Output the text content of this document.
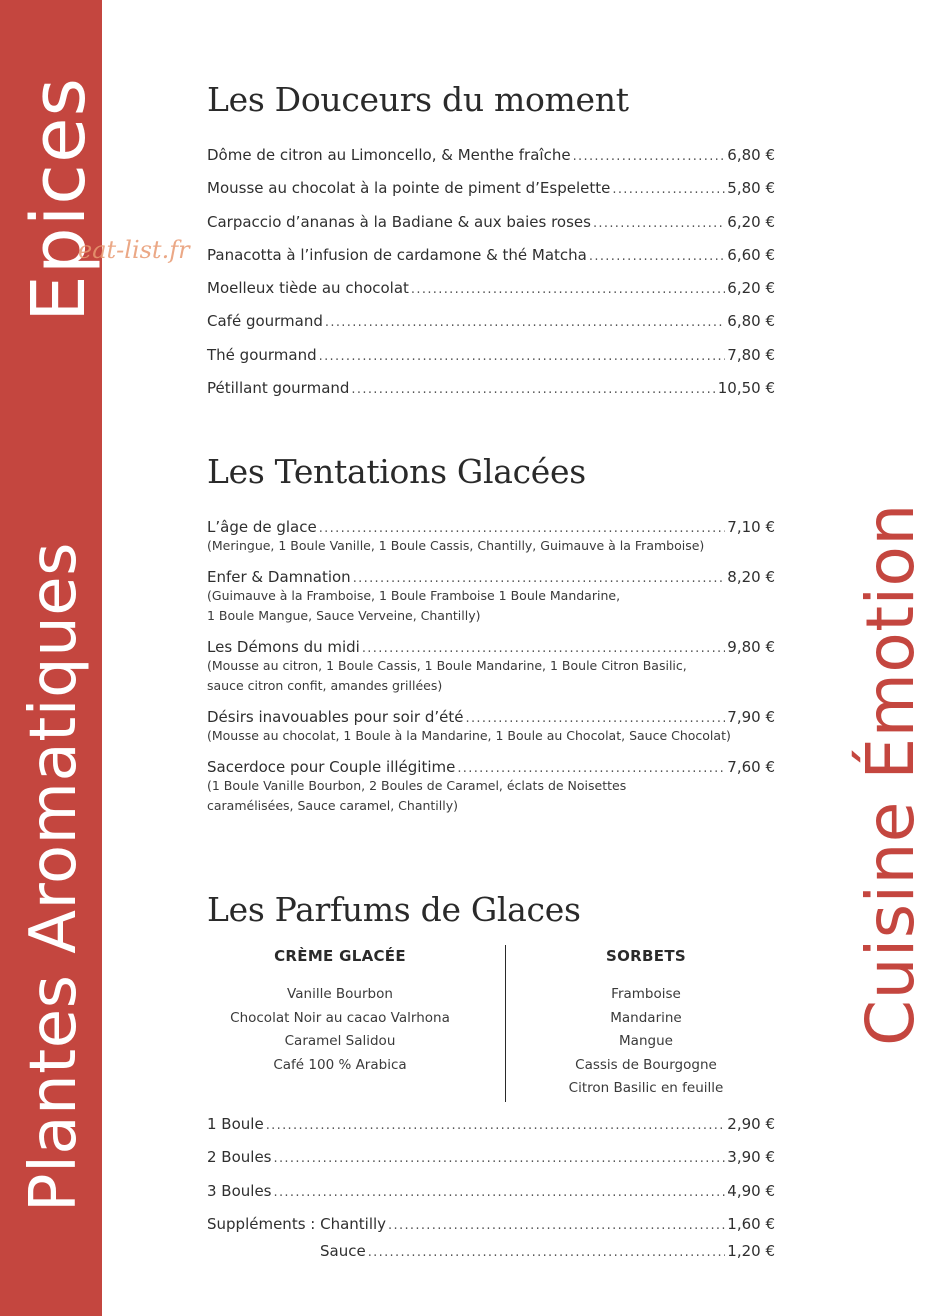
Epices
Plantes Aromatiques	Cuisine Émotion
eat-list.fr
Les Douceurs du moment
Dôme de citron au Limoncello, & Menthe fraîche . . .	6,80 €
Mousse au chocolat à la pointe de piment d’Espelette . . .	5,80 €
Carpaccio d’ananas à la Badiane & aux baies roses . . .	6,20 €
Panacotta à l’infusion de cardamone & thé Matcha . . .	6,60 €
Moelleux tiède au chocolat . . .	6,20 €
Café gourmand . . .	6,80 €
Thé gourmand . . .	7,80 €
Pétillant gourmand . . .	10,50 €
Les Tentations Glacées
L’âge de glace . . .	7,10 €
(Meringue, 1 Boule Vanille, 1 Boule Cassis, Chantilly, Guimauve à la Framboise)
Enfer & Damnation . . .	8,20 €
(Guimauve à la Framboise, 1 Boule Framboise 1 Boule Mandarine,
1 Boule Mangue, Sauce Verveine, Chantilly)
Les Démons du midi . . .	9,80 €
(Mousse au citron, 1 Boule Cassis, 1 Boule Mandarine, 1 Boule Citron Basilic,
sauce citron confit, amandes grillées)
Désirs inavouables pour soir d’été . . .	7,90 €
(Mousse au chocolat, 1 Boule à la Mandarine, 1 Boule au Chocolat, Sauce Chocolat)
Sacerdoce pour Couple illégitime . . .	7,60 €
(1 Boule Vanille Bourbon, 2 Boules de Caramel, éclats de Noisettes
caramélisées, Sauce caramel, Chantilly)
Les Parfums de Glaces
CRÈME GLACÉE
Vanille Bourbon
Chocolat Noir au cacao Valrhona
Caramel Salidou
Café 100 % Arabica
SORBETS
Framboise
Mandarine
Mangue
Cassis de Bourgogne
Citron Basilic en feuille
1 Boule . . .	2,90 €
2 Boules . . .	3,90 €
3 Boules . . .	4,90 €
Suppléments : Chantilly . . .	1,60 €
Sauce . . .	1,20 €
